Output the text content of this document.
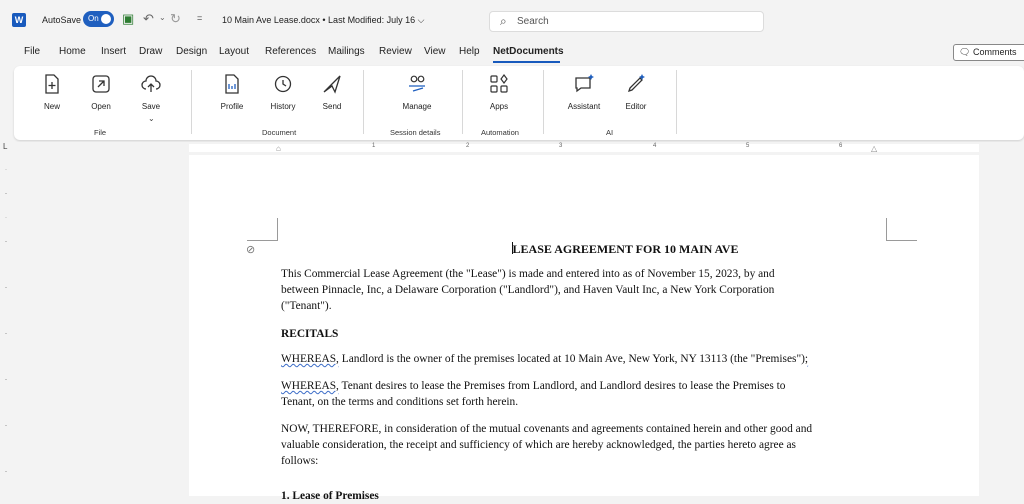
W	AutoSave On ▣ ↶ ⌄ ↻ = 10 Main Ave Lease.docx • Last Modified: July 16 ⌵	⌕ Search
File Home Insert Draw Design Layout References Mailings Review View Help NetDocuments	🗨 Comments
New	Open	Save
⌄
Profile	History	Send	Manage	Apps	Assistant	Editor
File	Document	Session details	Automation	AI
L	1	2	3	4	5	6
⌂	△
·
-
·
-
-
-
-
-
-
⊘	LEASE AGREEMENT FOR 10 MAIN AVE
This Commercial Lease Agreement (the "Lease") is made and entered into as of November 15, 2023, by and
between Pinnacle, Inc, a Delaware Corporation ("Landlord"), and Haven Vault Inc, a New York Corporation
("Tenant").
RECITALS
WHEREAS, Landlord is the owner of the premises located at 10 Main Ave, New York, NY 13113 (the "Premises");
WHEREAS, Tenant desires to lease the Premises from Landlord, and Landlord desires to lease the Premises to
Tenant, on the terms and conditions set forth herein.
NOW, THEREFORE, in consideration of the mutual covenants and agreements contained herein and other good and
valuable consideration, the receipt and sufficiency of which are hereby acknowledged, the parties hereto agree as
follows:
1. Lease of Premises
